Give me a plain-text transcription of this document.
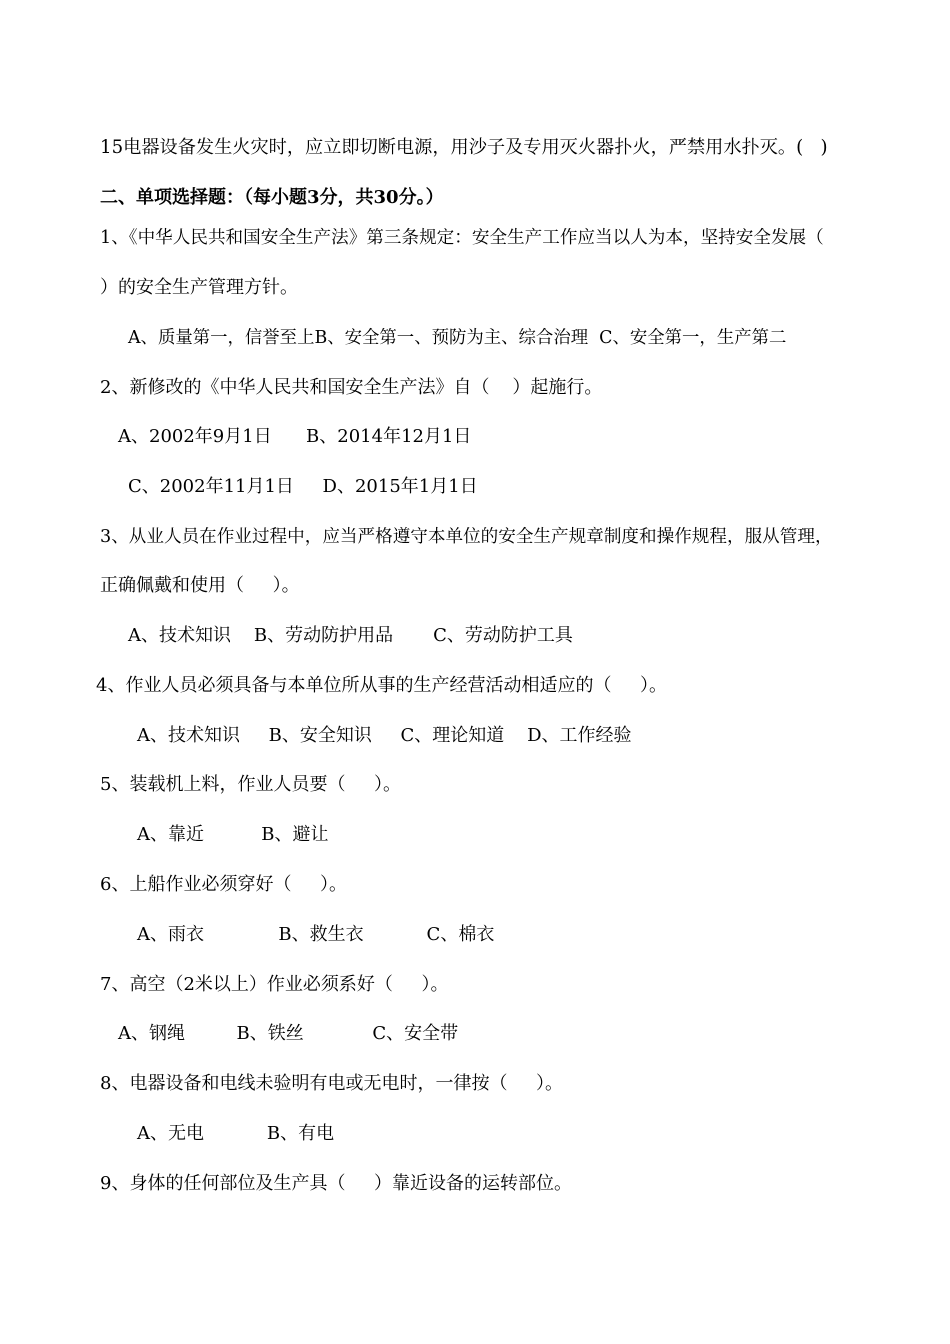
15电器设备发生火灾时，应立即切断电源，用沙子及专用灭火器扑火，严禁用水扑灭。(   )
二、单项选择题：（每小题3分，共30分。）
1、《中华人民共和国安全生产法》第三条规定：安全生产工作应当以人为本，坚持安全发展（
）的安全生产管理方针。
A、质量第一，信誉至上B、安全第一、预防为主、综合治理  C、安全第一，生产第二
2、新修改的《中华人民共和国安全生产法》自（    ）起施行。
A、2002年9月1日      B、2014年12月1日
C、2002年11月1日     D、2015年1月1日
3、从业人员在作业过程中，应当严格遵守本单位的安全生产规章制度和操作规程，服从管理，
正确佩戴和使用（     ）。
A、技术知识    B、劳动防护用品       C、劳动防护工具
4、作业人员必须具备与本单位所从事的生产经营活动相适应的（     ）。
A、技术知识     B、安全知识     C、理论知道    D、工作经验
5、装载机上料，作业人员要（     ）。
A、靠近          B、避让
6、上船作业必须穿好（     ）。
A、雨衣             B、救生衣           C、棉衣
7、高空（2米以上）作业必须系好（     ）。
A、钢绳         B、铁丝            C、安全带
8、电器设备和电线未验明有电或无电时，一律按（     ）。
A、无电           B、有电
9、身体的任何部位及生产具（     ）靠近设备的运转部位。
